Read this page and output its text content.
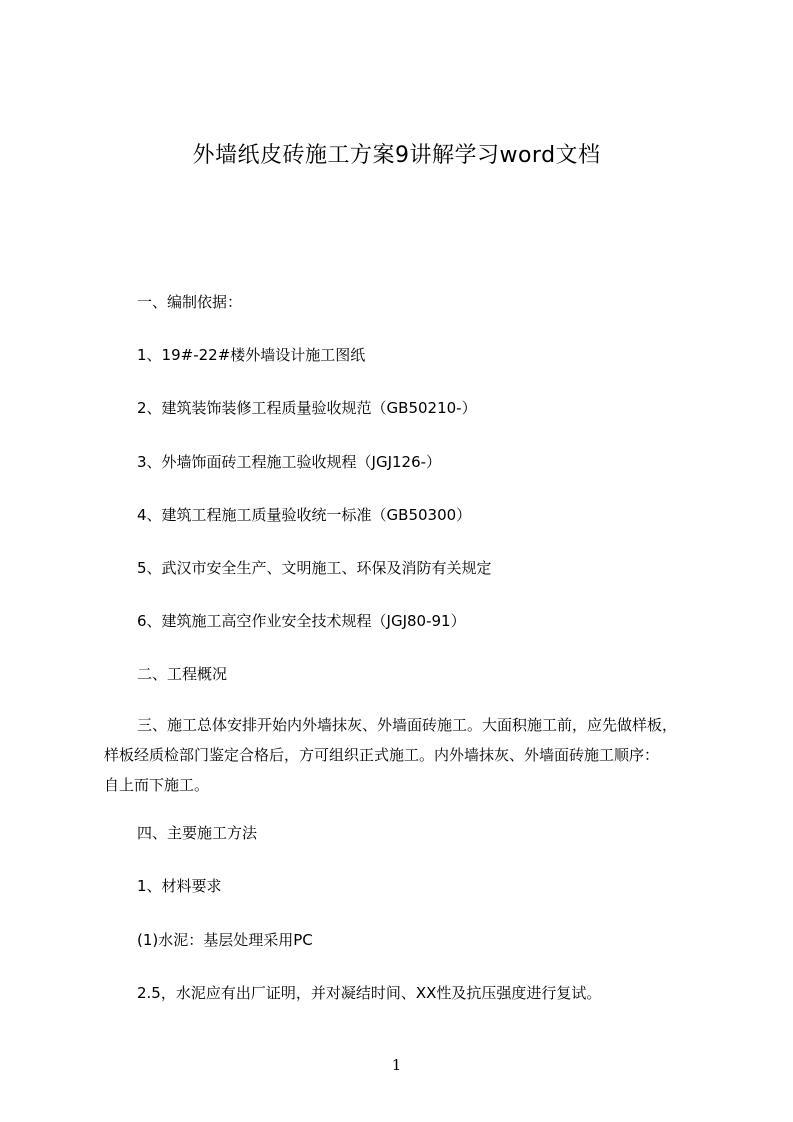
外墙纸皮砖施工方案9讲解学习word文档
一、编制依据：
1、19#-22#楼外墙设计施工图纸
2、建筑装饰装修工程质量验收规范（GB50210-）
3、外墙饰面砖工程施工验收规程（JGJ126-）
4、建筑工程施工质量验收统一标准（GB50300）
5、武汉市安全生产、文明施工、环保及消防有关规定
6、建筑施工高空作业安全技术规程（JGJ80-91）
二、工程概况
三、施工总体安排开始内外墙抹灰、外墙面砖施工。大面积施工前，应先做样板，
样板经质检部门鉴定合格后，方可组织正式施工。内外墙抹灰、外墙面砖施工顺序：
自上而下施工。
四、主要施工方法
1、材料要求
(1)水泥：基层处理采用PC
2.5，水泥应有出厂证明，并对凝结时间、XX性及抗压强度进行复试。
1
